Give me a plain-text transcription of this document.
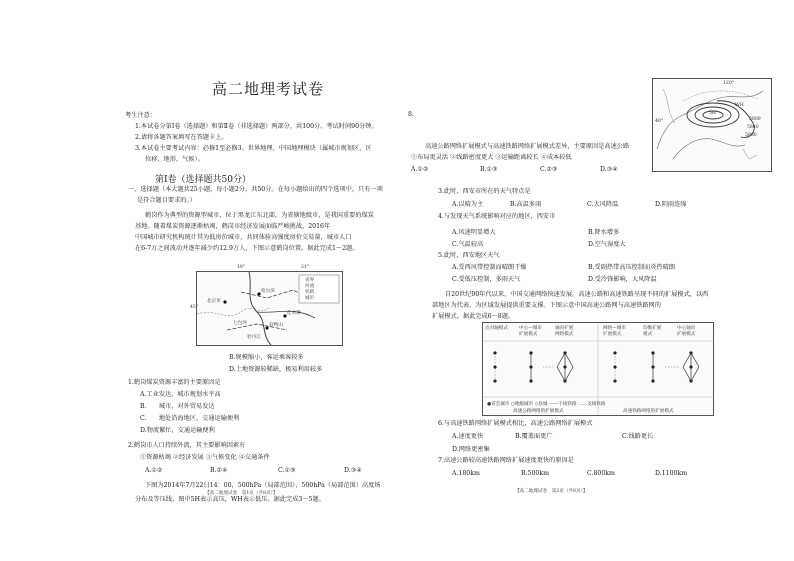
高二地理考试卷
考生注意：
1.本试卷分第Ⅰ卷（选择题）和第Ⅱ卷（非选择题）两部分，共100分。考试时间90分钟。
2.请将各题答案填写在答题卡上。
3.本试卷主要考试内容：必修1至必修3、世界地理、中国地理模块（属城市规划区、区
位移、地形、气候）。
第Ⅰ卷（选择题共50分）
一、选择题（本大题共25小题，每小题2分，共50分。在每小题给出的四个选项中，只有一项
是符合题目要求的。）
鹤岗作为典型的资源型城市，位于黑龙江东北部，为省辖地级市，是我国重要的煤炭
基地。随着煤炭资源逐渐枯竭，鹤岗市经济发展面临严峻挑战，2016年
中国城市研究机构统计其为低房价城市，共同体验高强度房价交易量，城市人口
在6-7万之间波动并逐年减少约12.9万人，下图示意鹤岗位置。据此完成1～2题。
北京市
哈尔滨
佳木斯
双鸭山
七台河
牡丹江
省界
河流
铁路
城市
19°	21°
45°
B.规模缩小，客运乘客较多
D.土地资源较稀缺，极易利用较多
1.鹤岗煤炭资源丰富的主要原因是
A.工业发达，城市规划水平高
B.　　城市，对外贸易发达
C.　　地处沿海地区，交通运输便利
D.物流繁忙，交通运输便利
2.鹤岗市人口持续外流，其主要影响因素有
①资源枯竭 ②经济发展 ③气候变化 ④交通条件
A.①②	B.②④	C.①③	D.③④
下图为2014年7月22日14：00，500hPa（局部范围），500hPa（局部范围）高度场
分布及等压线，图中5H表示高压，WH表示低压。据此完成3～5题。
【高二地理试卷　第1页（共8页）】
8.
5800
5840
5880
5H
WH
120°
40°
高速公路网络扩展模式与高速铁路网络扩展模式差异，主要原因是高速公路
①布局更灵活 ②线路密度更大 ③运输距离较长 ④成本较低
A.①②	B.①③	C.②③	D.③④
3.此时，西安市所在的天气特点是
A.以晴为主	B.高温多雨	C.大风降温	D.阴雨连绵
4.与发现天气系统影响对应的地区，西安市
A.风速明显增大	B.降水增多
C.气温较高	D.空气湿度大
5.此时，西安地区天气
A.受西风带控制而晴朗干燥	B.受副热带高压控制而炎热晴朗
C.受低压控制，多雨天气	D.受冷锋影响，大风降温
自20世纪90年代以来，中国交通网络快速发展。高速公路和高速铁路呈现不同的扩展模式，以西
部地区为代表，为区域发展提供重要支撑。下图示意中国高速公路网与高速铁路网的
扩展模式。据此完成6～8题。
点对轴模式	中心—城市
扩展模式
轴向扩展
网络模式
网络—城市
扩展模式
均衡扩展
模式
中心轴向
扩展模式
●省会城市 ○地级城市 ◇县城 ——干线铁路 ……支线铁路
高速公路网络的扩展模式	高速铁路网络的扩展模式
6.与高速铁路网络扩展模式相比，高速公路网络扩展模式
A.速度更快	B.覆盖面更广	C.线路更长
D.网络更密集
7.高速公路较高速铁路网络扩展速度更快的原因是
A.180km	B.500km	C.800km	D.1100km
【高二地理试卷　第2页（共8页）】
